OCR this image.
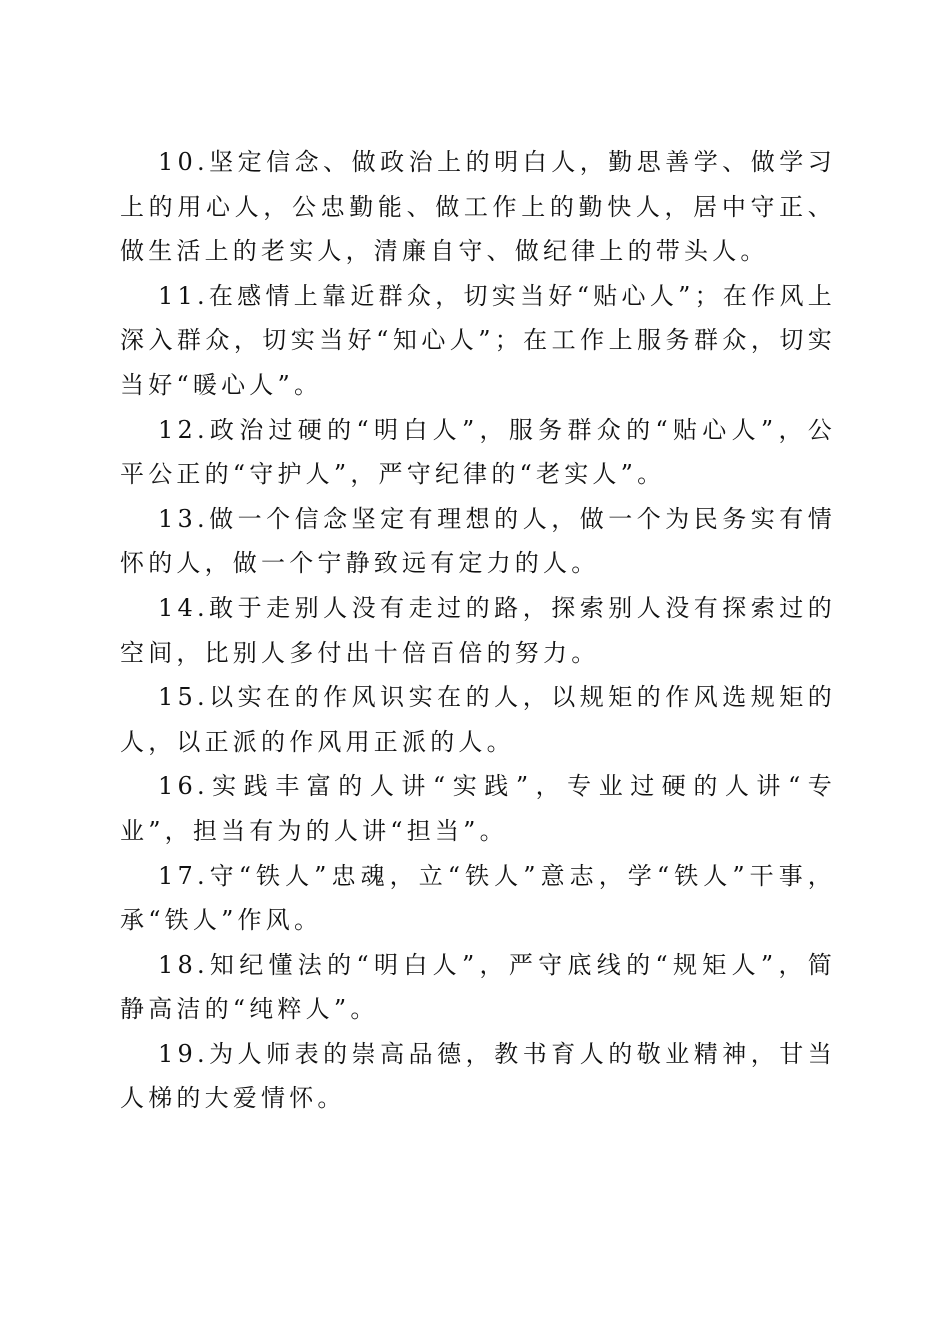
10.坚定信念、做政治上的明白人，勤思善学、做学习上的用心人，公忠勤能、做工作上的勤快人，居中守正、做生活上的老实人，清廉自守、做纪律上的带头人。

11.在感情上靠近群众，切实当好“贴心人”；在作风上深入群众，切实当好“知心人”；在工作上服务群众，切实当好“暖心人”。

12.政治过硬的“明白人”，服务群众的“贴心人”，公平公正的“守护人”，严守纪律的“老实人”。

13.做一个信念坚定有理想的人，做一个为民务实有情怀的人，做一个宁静致远有定力的人。

14.敢于走别人没有走过的路，探索别人没有探索过的空间，比别人多付出十倍百倍的努力。

15.以实在的作风识实在的人，以规矩的作风选规矩的人，以正派的作风用正派的人。

16.实践丰富的人讲“实践”，专业过硬的人讲“专业”，担当有为的人讲“担当”。

17.守“铁人”忠魂，立“铁人”意志，学“铁人”干事，承“铁人”作风。

18.知纪懂法的“明白人”，严守底线的“规矩人”，简静高洁的“纯粹人”。

19.为人师表的崇高品德，教书育人的敬业精神，甘当人梯的大爱情怀。
